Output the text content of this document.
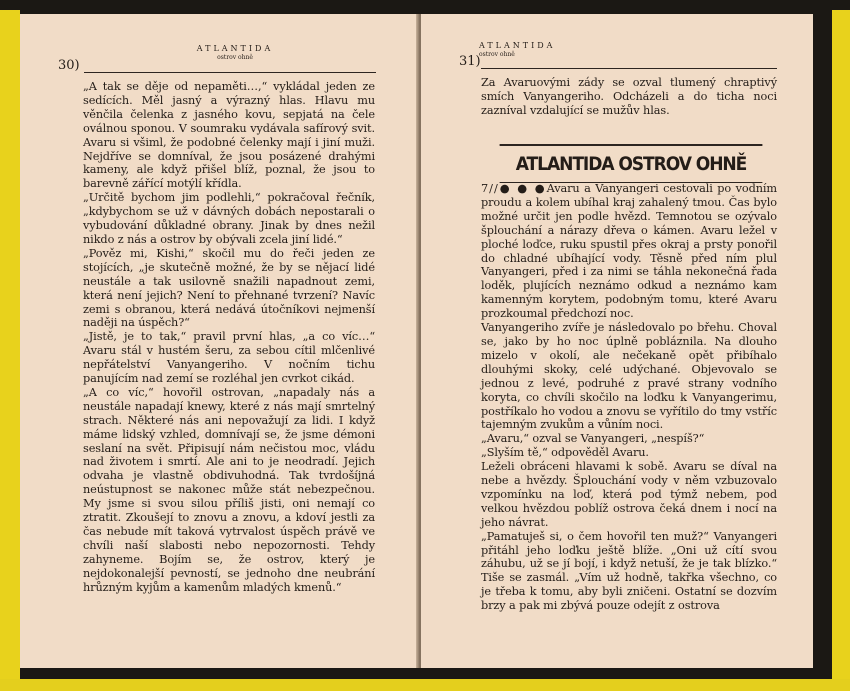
ATLANTIDA
ostrov ohně
30)

„A tak se děje od nepaměti…,“ vykládal jeden ze sedících. Měl jasný a výrazný hlas. Hlavu mu věnčila čelenka z jasného kovu, sepjatá na čele oválnou sponou. V soumraku vydávala safírový svit. Avaru si všiml, že podobné čelenky mají i jiní muži. Nejdříve se domníval, že jsou posázené drahými kameny, ale když přišel blíž, poznal, že jsou to barevně zářící motýlí křídla.

„Určitě bychom jim podlehli,“ pokračoval řečník, „kdybychom se už v dávných dobách nepostarali o vybudování důkladné obrany. Jinak by dnes nežil nikdo z nás a ostrov by obývali zcela jiní lidé.“

„Pověz mi, Kishi,“ skočil mu do řeči jeden ze stojících, „je skutečně možné, že by se nějací lidé neustále a tak usilovně snažili napadnout zemi, která není jejich? Není to přehnané tvrzení? Navíc zemi s obranou, která nedává útočníkovi nejmenší naději na úspěch?“

„Jistě, je to tak,“ pravil první hlas, „a co víc…“ Avaru stál v hustém šeru, za sebou cítil mlčenlivé nepřátelství Vanyangeriho. V nočním tichu panujícím nad zemí se rozléhal jen cvrkot cikád.

„A co víc,“ hovořil ostrovan, „napadaly nás a neustále napadají knewy, které z nás mají smrtelný strach. Některé nás ani nepovažují za lidi. I když máme lidský vzhled, domnívají se, že jsme démoni seslaní na svět. Připisují nám nečistou moc, vládu nad životem i smrtí. Ale ani to je neodradí. Jejich odvaha je vlastně obdivuhodná. Tak tvrdošíjná neústupnost se nakonec může stát nebezpečnou. My jsme si svou silou příliš jisti, oni nemají co ztratit. Zkoušejí to znovu a znovu, a kdoví jestli za čas nebude mít taková vytrvalost úspěch právě ve chvíli naší slabosti nebo nepozornosti. Tehdy zahyneme. Bojím se, že ostrov, který je nejdokonalejší pevností, se jednoho dne neubrání hrůzným kyjům a kamenům mladých kmenů.“

ATLANTIDA
ostrov ohně
31)

Za Avaruovými zády se ozval tlumený chraptivý smích Vanyangeriho. Odcházeli a do ticha noci zazníval vzdalující se mužův hlas.

ATLANTIDA OSTROV OHNĚ

7//● ● ●Avaru a Vanyangeri cestovali po vodním proudu a kolem ubíhal kraj zahalený tmou. Čas bylo možné určit jen podle hvězd. Temnotou se ozývalo šplouchání a nárazy dřeva o kámen. Avaru ležel v ploché loďce, ruku spustil přes okraj a prsty ponořil do chladné ubíhající vody. Těsně před ním plul Vanyangeri, před i za nimi se táhla nekonečná řada loděk, plujících neznámo odkud a neznámo kam kamenným korytem, podobným tomu, které Avaru prozkoumal předchozí noc.

Vanyangeriho zvíře je následovalo po břehu. Choval se, jako by ho noc úplně pobláznila. Na dlouho mizelo v okolí, ale nečekaně opět přibíhalo dlouhými skoky, celé udýchané. Objevovalo se jednou z levé, podruhé z pravé strany vodního koryta, co chvíli skočilo na loďku k Vanyangerimu, postříkalo ho vodou a znovu se vyřítilo do tmy vstříc tajemným zvukům a vůním noci.

„Avaru,“ ozval se Vanyangeri, „nespíš?“

„Slyším tě,“ odpověděl Avaru.

Leželi obráceni hlavami k sobě. Avaru se díval na nebe a hvězdy. Šplouchání vody v něm vzbuzovalo vzpomínku na loď, která pod týmž nebem, pod velkou hvězdou poblíž ostrova čeká dnem i nocí na jeho návrat.

„Pamatuješ si, o čem hovořil ten muž?“ Vanyangeri přitáhl jeho loďku ještě blíže. „Oni už cítí svou záhubu, už se jí bojí, i když netuší, že je tak blízko.“ Tiše se zasmál. „Vím už hodně, takřka všechno, co je třeba k tomu, aby byli zničeni. Ostatní se dozvím brzy a pak mi zbývá pouze odejít z ostrova
